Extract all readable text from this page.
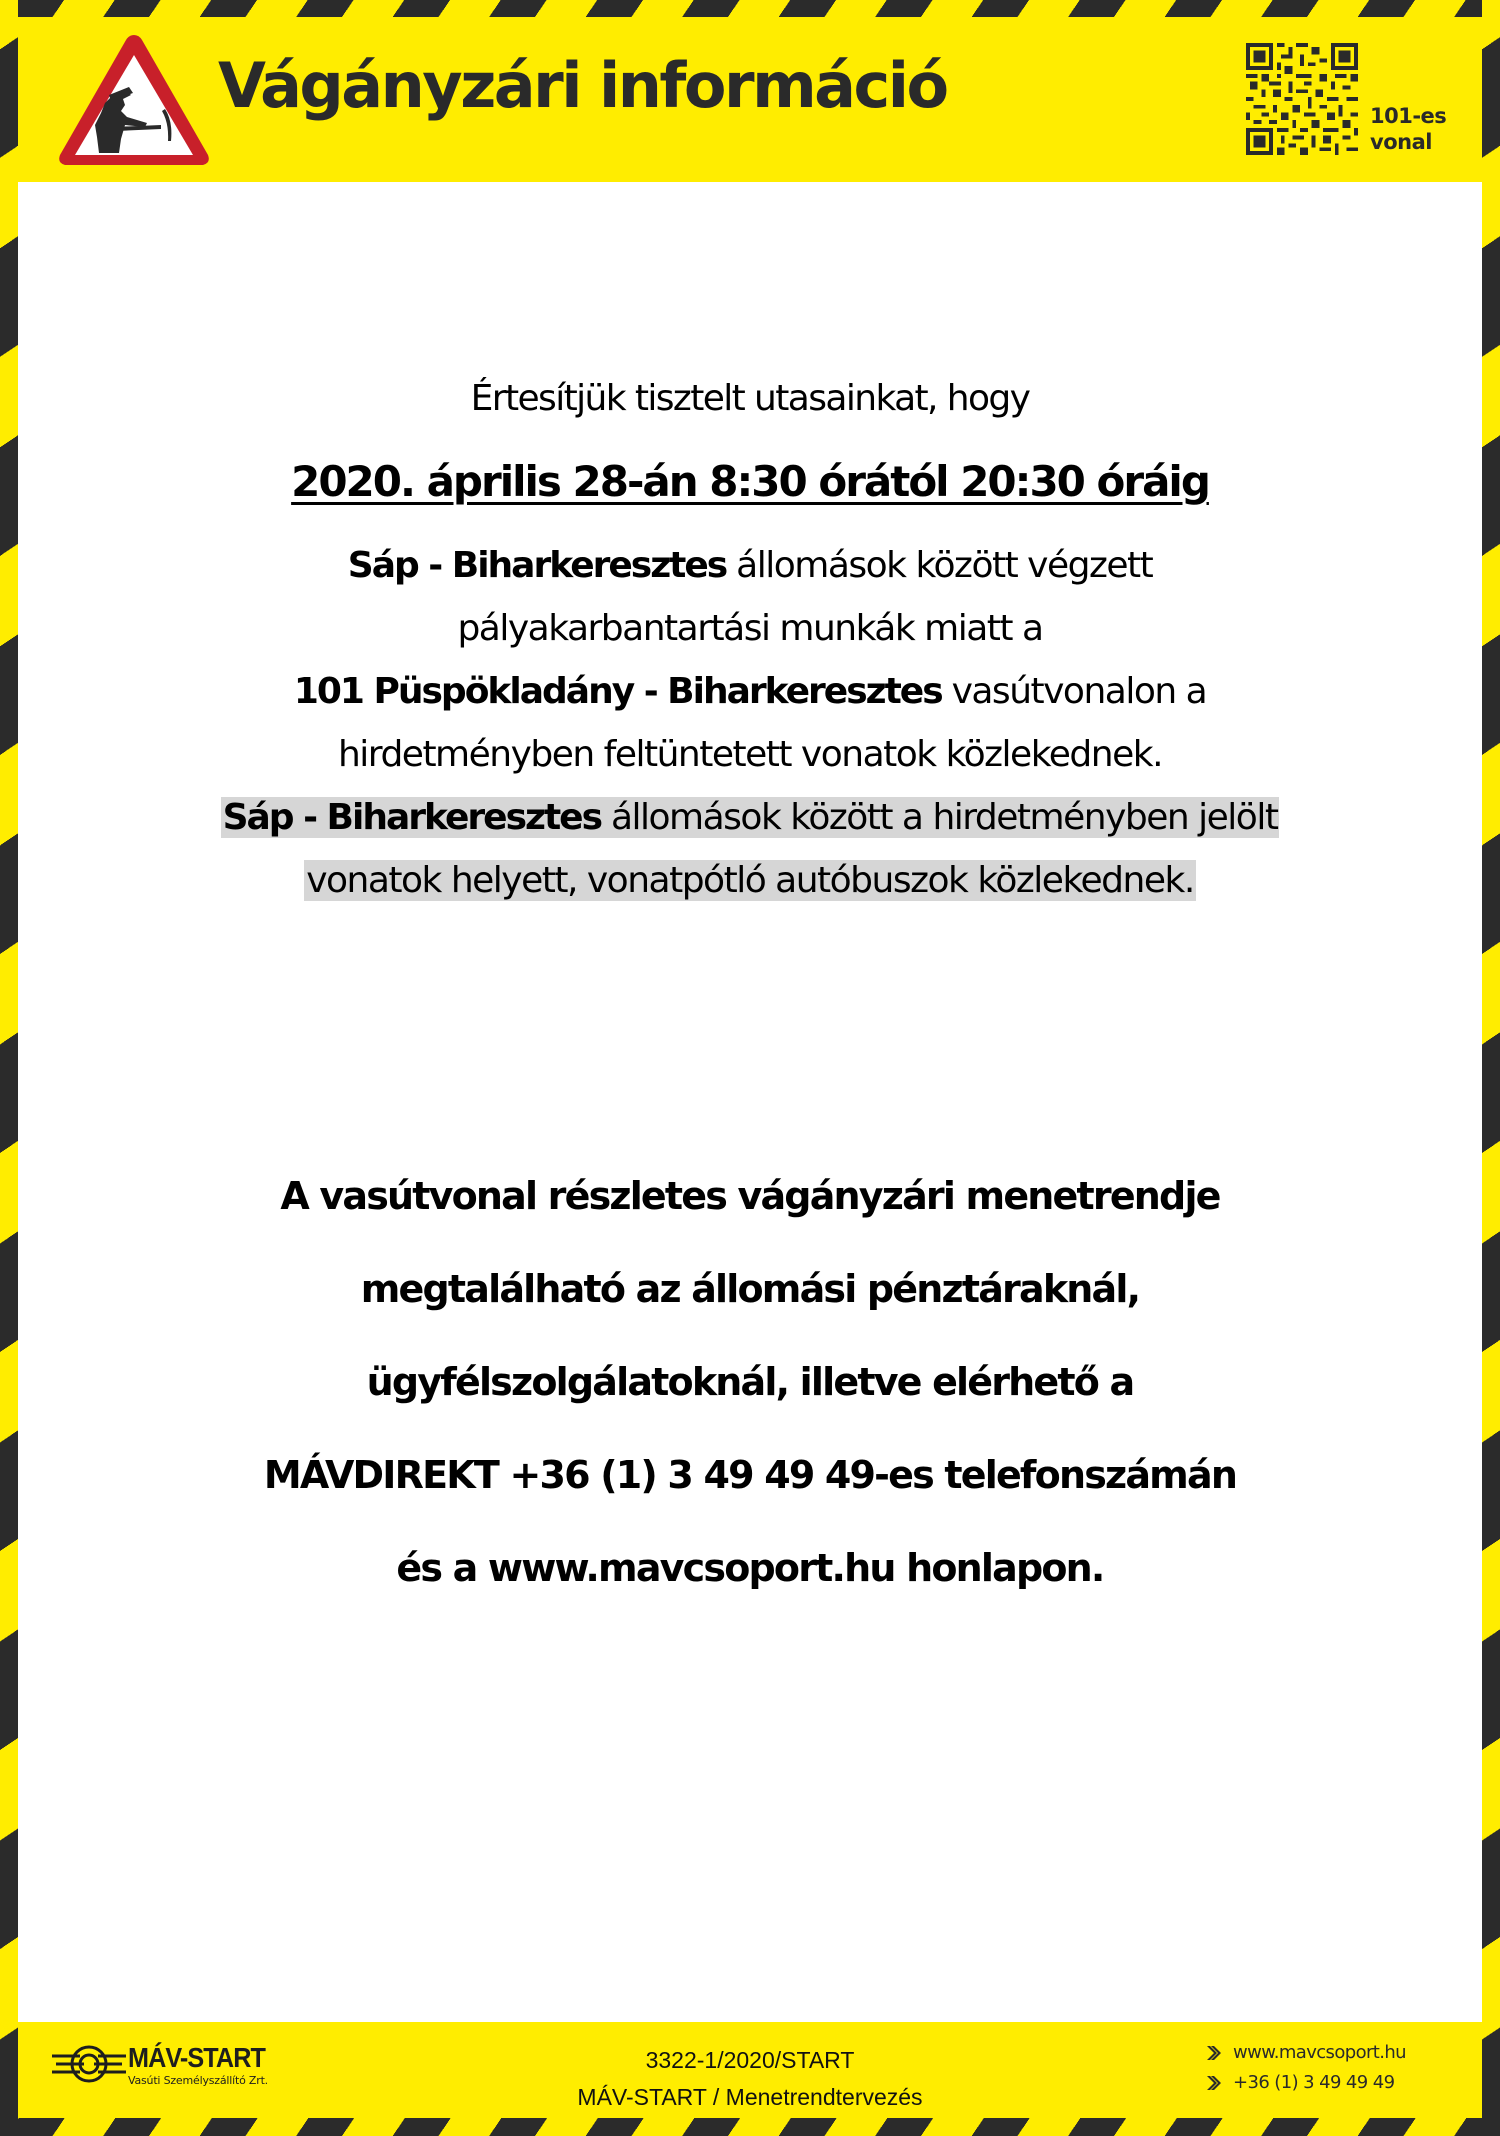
Vágányzári információ	101-es
vonal
Értesítjük tisztelt utasainkat, hogy
2020. április 28-án 8:30 órától 20:30 óráig
Sáp - Biharkeresztes állomások között végzett
pályakarbantartási munkák miatt a
101 Püspökladány - Biharkeresztes vasútvonalon a
hirdetményben feltüntetett vonatok közlekednek.
Sáp - Biharkeresztes állomások között a hirdetményben jelölt
vonatok helyett, vonatpótló autóbuszok közlekednek.
A vasútvonal részletes vágányzári menetrendje
megtalálható az állomási pénztáraknál,
ügyfélszolgálatoknál, illetve elérhető a
MÁVDIREKT +36 (1) 3 49 49 49-es telefonszámán
és a www.mavcsoport.hu honlapon.
MÁV-START
Vasúti Személyszállító Zrt.
3322-1/2020/START
MÁV-START / Menetrendtervezés
www.mavcsoport.hu
+36 (1) 3 49 49 49
